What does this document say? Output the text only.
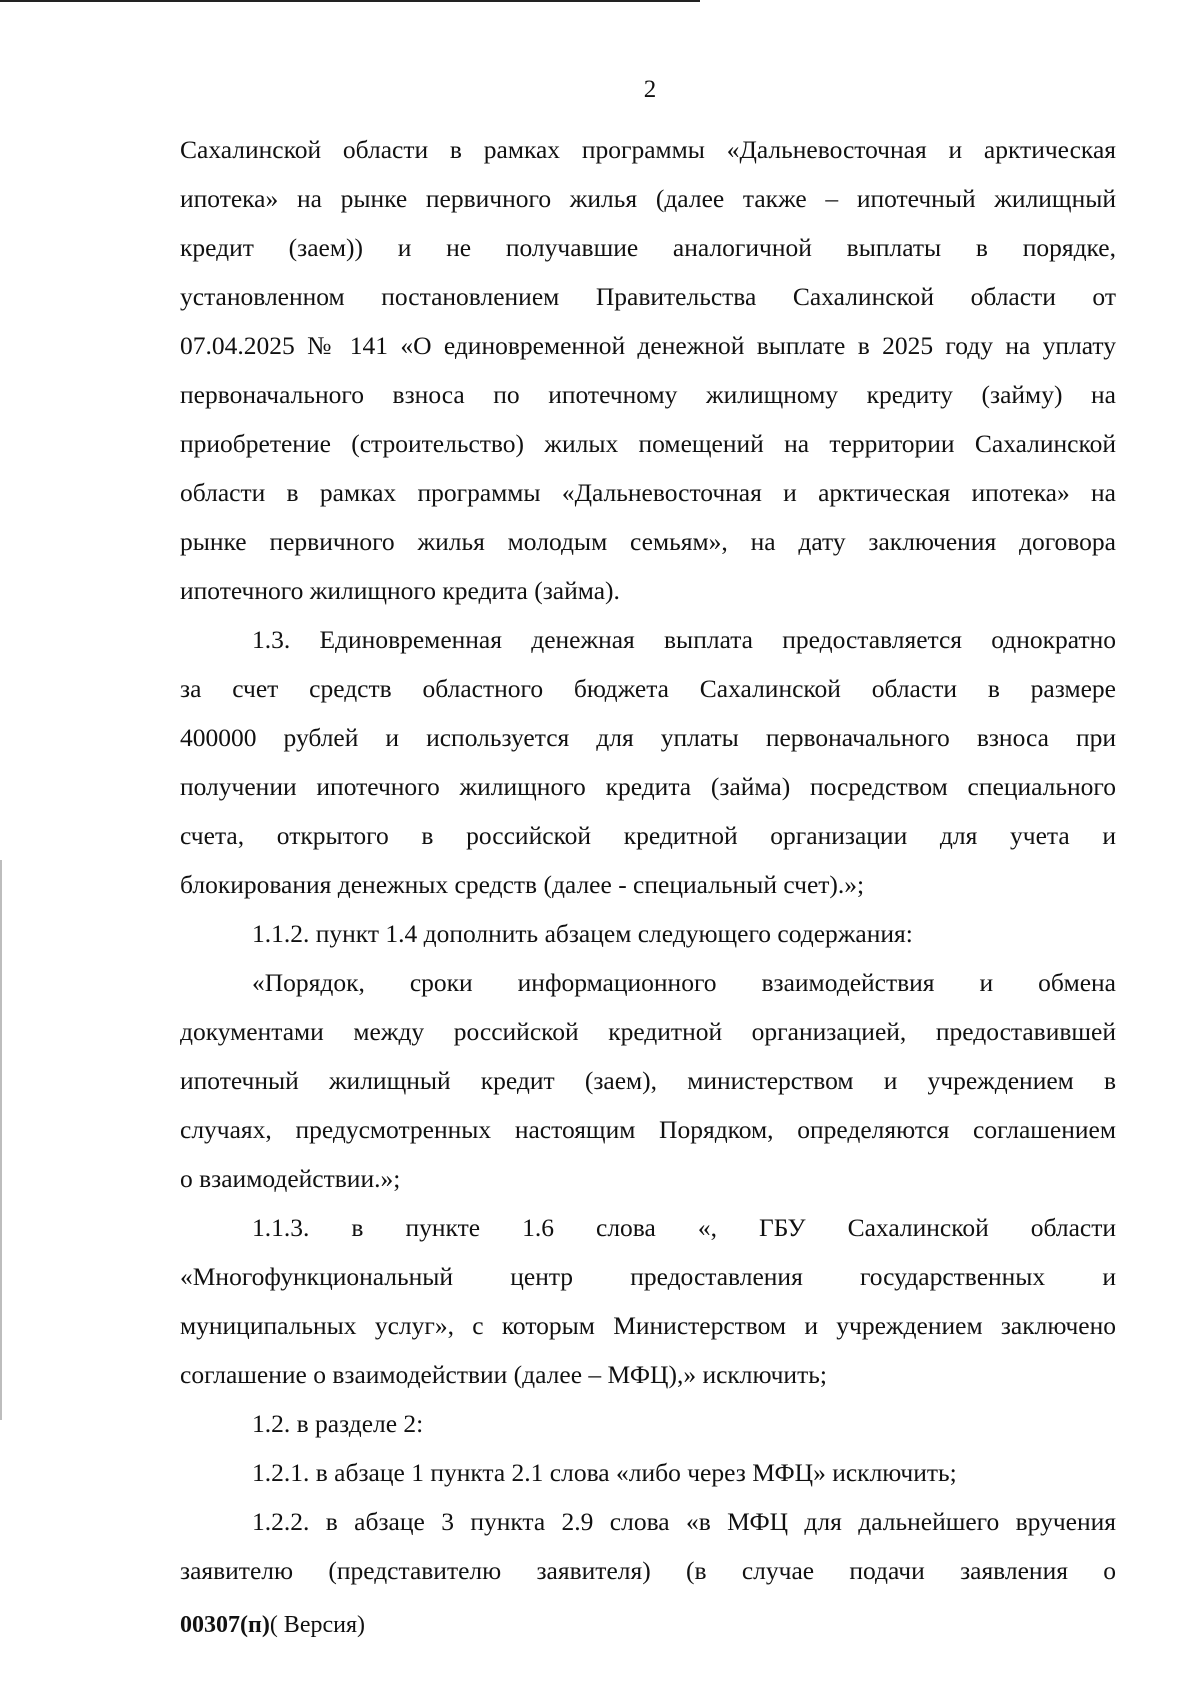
2
Сахалинской области в рамках программы «Дальневосточная и арктическая
ипотека» на рынке первичного жилья (далее также – ипотечный жилищный
кредит (заем)) и не получавшие аналогичной выплаты в порядке,
установленном постановлением Правительства Сахалинской области от
07.04.2025 № 141 «О единовременной денежной выплате в 2025 году на уплату
первоначального взноса по ипотечному жилищному кредиту (займу) на
приобретение (строительство) жилых помещений на территории Сахалинской
области в рамках программы «Дальневосточная и арктическая ипотека» на
рынке первичного жилья молодым семьям», на дату заключения договора
ипотечного жилищного кредита (займа).
1.3. Единовременная денежная выплата предоставляется однократно
за счет средств областного бюджета Сахалинской области в размере
400000 рублей и используется для уплаты первоначального взноса при
получении ипотечного жилищного кредита (займа) посредством специального
счета, открытого в российской кредитной организации для учета и
блокирования денежных средств (далее - специальный счет).»;
1.1.2. пункт 1.4 дополнить абзацем следующего содержания:
«Порядок, сроки информационного взаимодействия и обмена
документами между российской кредитной организацией, предоставившей
ипотечный жилищный кредит (заем), министерством и учреждением в
случаях, предусмотренных настоящим Порядком, определяются соглашением
о взаимодействии.»;
1.1.3. в пункте 1.6 слова «, ГБУ Сахалинской области
«Многофункциональный центр предоставления государственных и
муниципальных услуг», с которым Министерством и учреждением заключено
соглашение о взаимодействии (далее – МФЦ),» исключить;
1.2. в разделе 2:
1.2.1. в абзаце 1 пункта 2.1 слова «либо через МФЦ» исключить;
1.2.2. в абзаце 3 пункта 2.9 слова «в МФЦ для дальнейшего вручения
заявителю (представителю заявителя) (в случае подачи заявления о
00307(п)( Версия)
